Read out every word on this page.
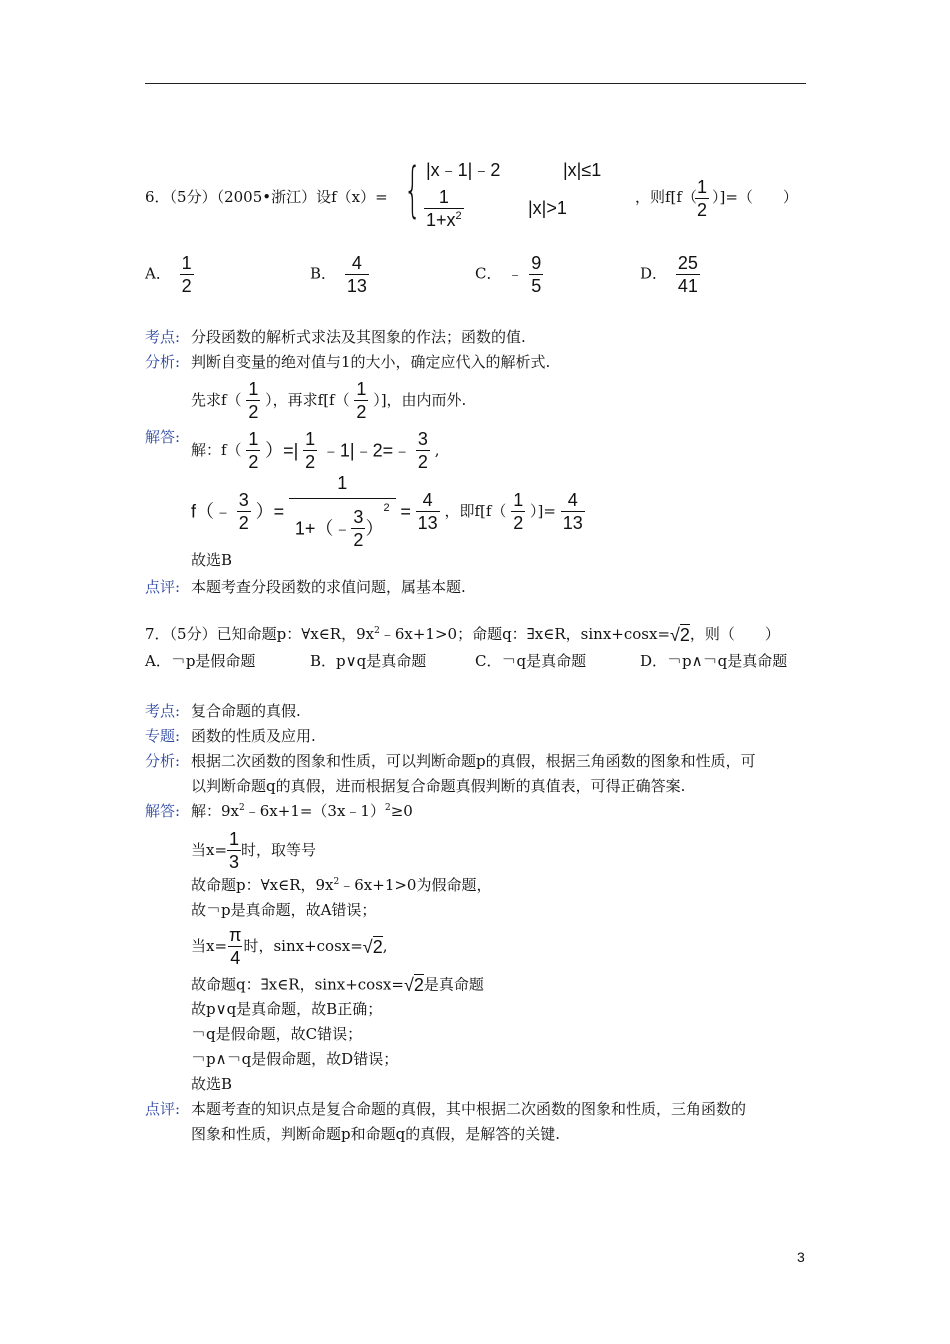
6．（5分）（2005•浙江）设f（x）= { |x﹣1|﹣2	|x|≤1
$\frac{1}{1+x^2}$	|x|>1
，则f[f（
$\frac{1}{2}$ ）]=（　　）
A． $\frac{1}{2}$	B． $\frac{4}{13}$	C． ﹣ $\frac{9}{5}$	D． $\frac{25}{41}$
考点: 分段函数的解析式求法及其图象的作法；函数的值.
分析: 判断自变量的绝对值与1的大小，确定应代入的解析式.
先求$f( \frac{1}{2}$ ），再求$f[f( \frac{1}{2}$ ）]，由内而外.
解答:
解：$f( \frac{1}{2}$ ）=| $\frac{1}{2}$ ﹣1|﹣2=﹣ $\frac{3}{2}$ ,
f（﹣ $\frac{3}{2}$ ）= $\frac{1}{1+(﹣ \frac{3}{2} )^2} = \frac{4}{13}$ ，即$f[f( \frac{1}{2}$ ）]= $\frac{4}{13}$
故选B
点评: 本题考查分段函数的求值问题，属基本题.
7．（5分）已知命题p：∀x∈R，$9x^2﹣6x+1>0$；命题q：∃x∈R，sinx+cosx=√2，则（　　）
A．￢p是假命题	B．p∨q是真命题	C．￢q是真命题	D．￢p∧￢q是真命题
考点: 复合命题的真假.
专题: 函数的性质及应用.
分析: 根据二次函数的图象和性质，可以判断命题p的真假，根据三角函数的图象和性质，可
以判断命题q的真假，进而根据复合命题真假判断的真值表，可得正确答案.
解答: 解：$9x^2﹣6x+1=(3x﹣1)^2\ge 0$
当$x= \frac{1}{3}$ 时，取等号
故命题p：∀x∈R，$9x^2﹣6x+1>0$为假命题，
故￢p是真命题，故A错误；
当$x= \frac{\pi}{4}$ 时，sinx+cosx=√2,
故命题q：∃x∈R，sinx+cosx=√2是真命题
故p∨q是真命题，故B正确；
￢q是假命题，故C错误；
￢p∧￢q是假命题，故D错误；
故选B
点评: 本题考查的知识点是复合命题的真假，其中根据二次函数的图象和性质，三角函数的
图象和性质，判断命题p和命题q的真假，是解答的关键.
3
